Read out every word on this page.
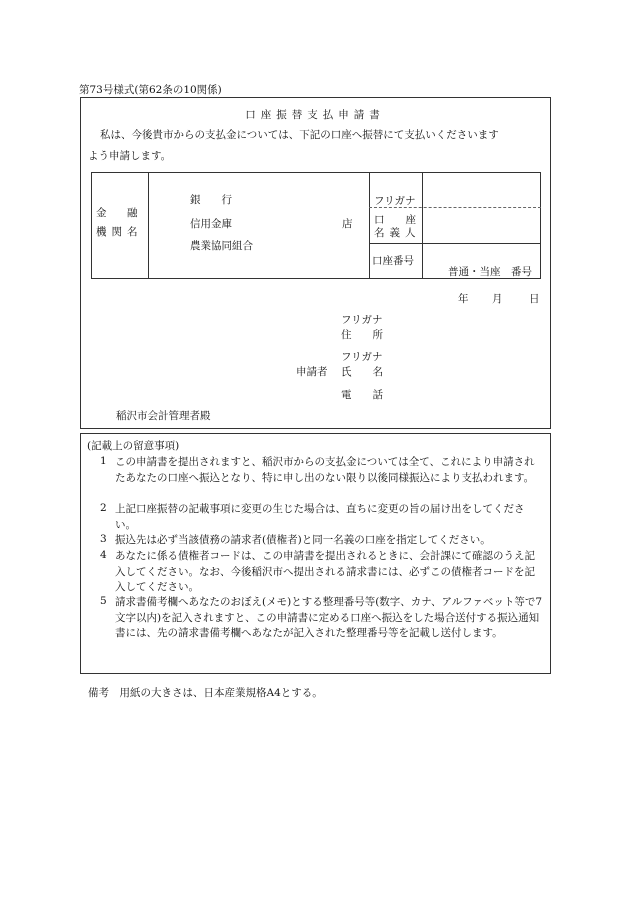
第73号様式(第62条の10関係)
口座振替支払申請書
私は、今後貴市からの支払金については、下記の口座へ振替にて支払いくださいます
よう申請します。
金　融
機関名
銀　　行
信用金庫
農業協同組合
店
フリガナ
口　　座
名義人
口座番号
普通・当座　番号
年 月	日
フリガナ
住　　所
フリガナ
申請者 氏　　名
電　　話
稲沢市会計管理者殿
(記載上の留意事項)
1 この申請書を提出されますと、稲沢市からの支払金については全て、これにより申請されたあなたの口座へ振込となり、特に申し出のない限り以後同様振込により支払われます。
2 上記口座振替の記載事項に変更の生じた場合は、直ちに変更の旨の届け出をしてください。
3 振込先は必ず当該債務の請求者(債権者)と同一名義の口座を指定してください。
4 あなたに係る債権者コードは、この申請書を提出されるときに、会計課にて確認のうえ記入してください。なお、今後稲沢市へ提出される請求書には、必ずこの債権者コードを記入してください。
5 請求書備考欄へあなたのおぼえ(メモ)とする整理番号等(数字、カナ、アルファベット等で7文字以内)を記入されますと、この申請書に定める口座へ振込をした場合送付する振込通知書には、先の請求書備考欄へあなたが記入された整理番号等を記載し送付します。
備考　用紙の大きさは、日本産業規格A4とする。
